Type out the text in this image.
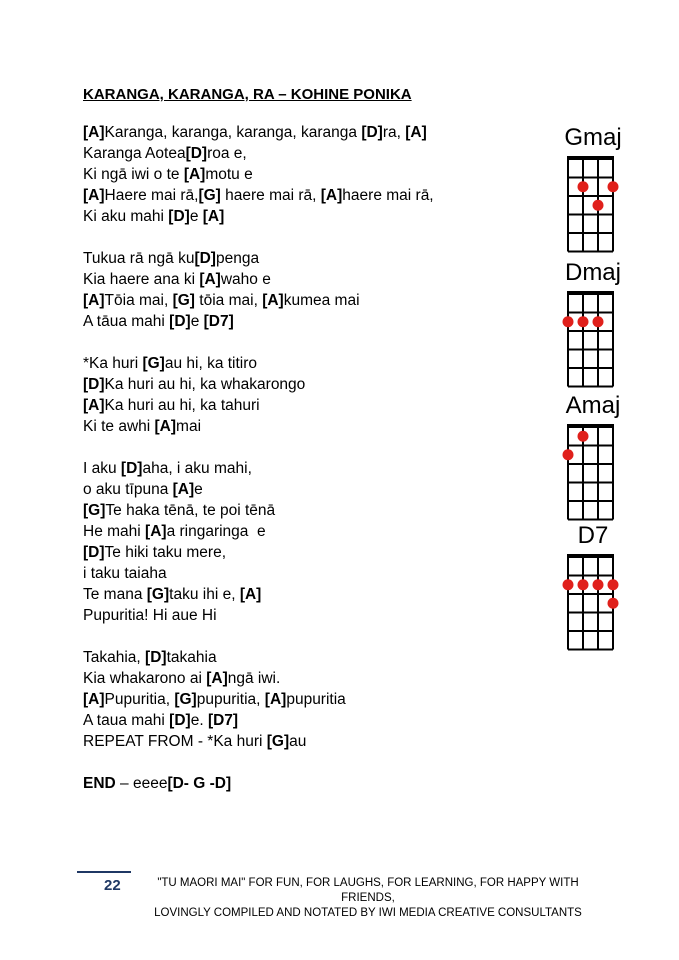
KARANGA, KARANGA, RA – KOHINE PONIKA
[A]Karanga, karanga, karanga, karanga [D]ra, [A]
Karanga Aotea[D]roa e,
Ki ngā iwi o te [A]motu e
[A]Haere mai rā,[G] haere mai rā, [A]haere mai rā,
Ki aku mahi [D]e [A]
Tukua rā ngā ku[D]penga
Kia haere ana ki [A]waho e
[A]Tōia mai, [G] tōia mai, [A]kumea mai
A tāua mahi [D]e [D7]
*Ka huri [G]au hi, ka titiro
[D]Ka huri au hi, ka whakarongo
[A]Ka huri au hi, ka tahuri
Ki te awhi [A]mai
I aku [D]aha, i aku mahi,
o aku tīpuna [A]e
[G]Te haka tēnā, te poi tēnā
He mahi [A]a ringaringa  e
[D]Te hiki taku mere,
i taku taiaha
Te mana [G]taku ihi e, [A]
Pupuritia! Hi aue Hi
Takahia, [D]takahia
Kia whakarono ai [A]ngā iwi.
[A]Pupuritia, [G]pupuritia, [A]pupuritia
A taua mahi [D]e. [D7]
REPEAT FROM - *Ka huri [G]au
END – eeee[D- G -D]
Gmaj
Dmaj
Amaj
D7
22	"TU MAORI MAI" FOR FUN, FOR LAUGHS, FOR LEARNING, FOR HAPPY WITH FRIENDS,
LOVINGLY COMPILED AND NOTATED BY IWI MEDIA CREATIVE CONSULTANTS
